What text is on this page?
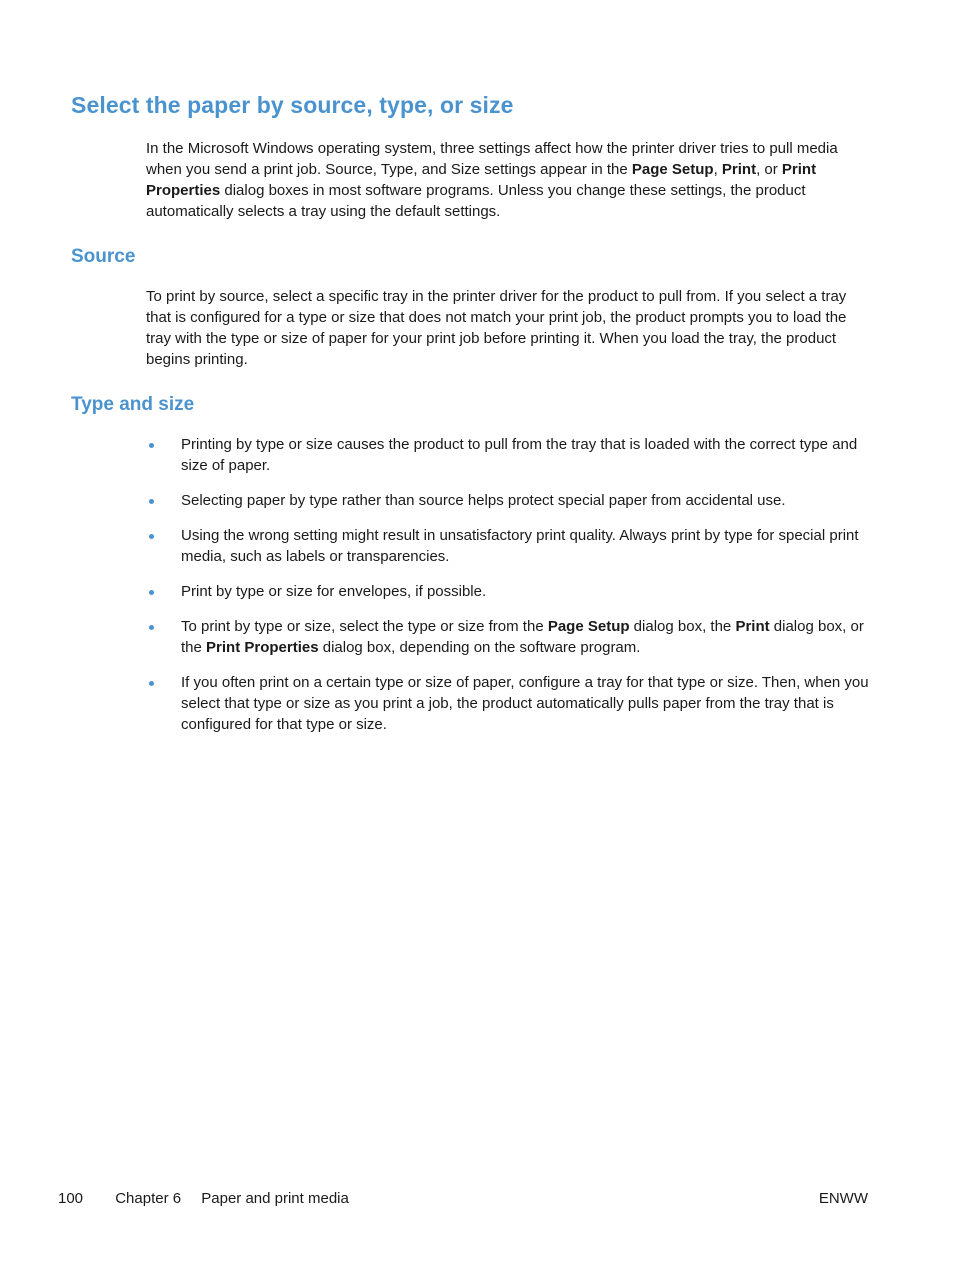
Select the paper by source, type, or size

In the Microsoft Windows operating system, three settings affect how the printer driver tries to pull media when you send a print job. Source, Type, and Size settings appear in the Page Setup, Print, or Print Properties dialog boxes in most software programs. Unless you change these settings, the product automatically selects a tray using the default settings.

Source

To print by source, select a specific tray in the printer driver for the product to pull from. If you select a tray that is configured for a type or size that does not match your print job, the product prompts you to load the tray with the type or size of paper for your print job before printing it. When you load the tray, the product begins printing.

Type and size
Printing by type or size causes the product to pull from the tray that is loaded with the correct type and size of paper.
Selecting paper by type rather than source helps protect special paper from accidental use.
Using the wrong setting might result in unsatisfactory print quality. Always print by type for special print media, such as labels or transparencies.
Print by type or size for envelopes, if possible.
To print by type or size, select the type or size from the Page Setup dialog box, the Print dialog box, or the Print Properties dialog box, depending on the software program.
If you often print on a certain type or size of paper, configure a tray for that type or size. Then, when you select that type or size as you print a job, the product automatically pulls paper from the tray that is configured for that type or size.
100 Chapter 6 Paper and print media	ENWW
